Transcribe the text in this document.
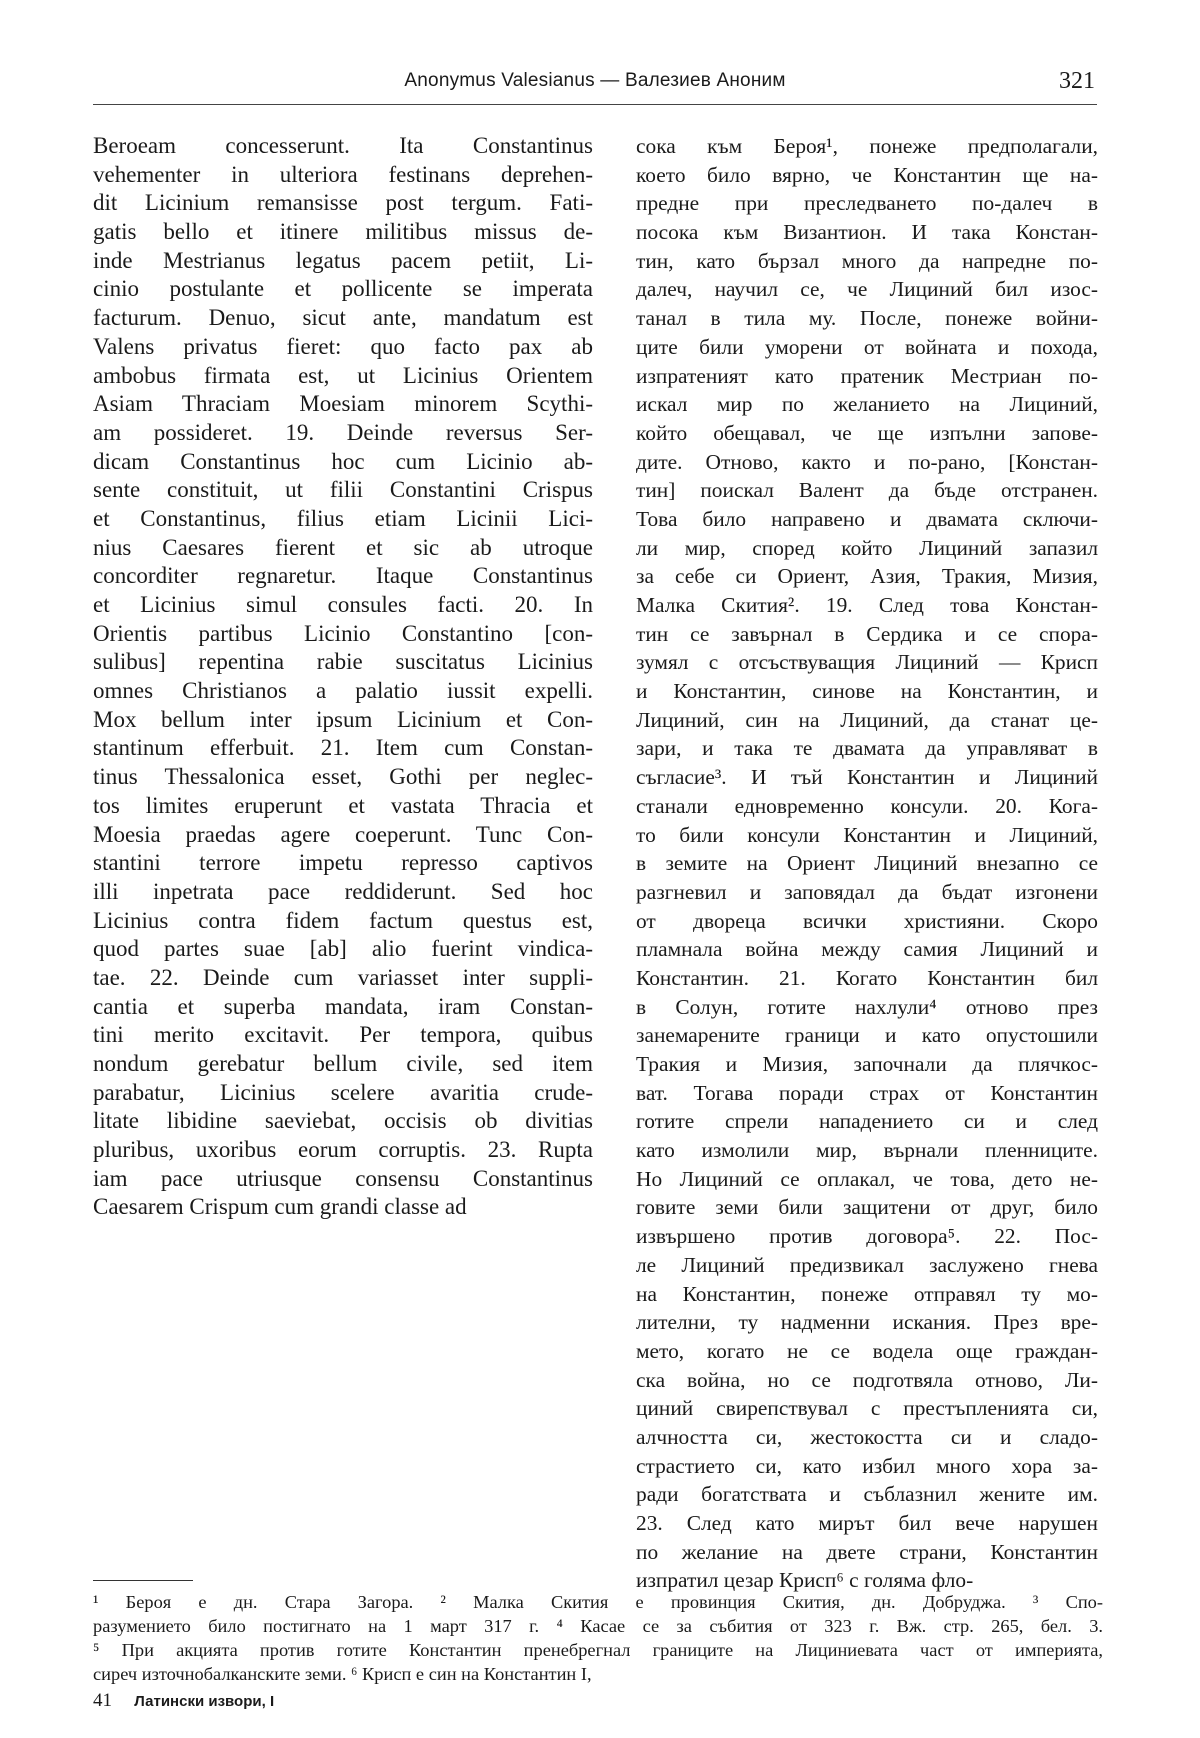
Anonymus Valesianus — Валезиев Аноним	321
Beroeam concesserunt. Ita Constantinus
vehementer in ulteriora festinans deprehen-
dit Licinium remansisse post tergum. Fati-
gatis bello et itinere militibus missus de-
inde Mestrianus legatus pacem petiit, Li-
cinio postulante et pollicente se imperata
facturum. Denuo, sicut ante, mandatum est
Valens privatus fieret: quo facto pax ab
ambobus firmata est, ut Licinius Orientem
Asiam Thraciam Moesiam minorem Scythi-
am possideret. 19. Deinde reversus Ser-
dicam Constantinus hoc cum Licinio ab-
sente constituit, ut filii Constantini Crispus
et Constantinus, filius etiam Licinii Lici-
nius Caesares fierent et sic ab utroque
concorditer regnaretur. Itaque Constantinus
et Licinius simul consules facti. 20. In
Orientis partibus Licinio Constantino [con-
sulibus] repentina rabie suscitatus Licinius
omnes Christianos a palatio iussit expelli.
Mox bellum inter ipsum Licinium et Con-
stantinum efferbuit. 21. Item cum Constan-
tinus Thessalonica esset, Gothi per neglec-
tos limites eruperunt et vastata Thracia et
Moesia praedas agere coeperunt. Tunc Con-
stantini terrore impetu represso captivos
illi inpetrata pace reddiderunt. Sed hoc
Licinius contra fidem factum questus est,
quod partes suae [ab] alio fuerint vindica-
tae. 22. Deinde cum variasset inter suppli-
cantia et superba mandata, iram Constan-
tini merito excitavit. Per tempora, quibus
nondum gerebatur bellum civile, sed item
parabatur, Licinius scelere avaritia crude-
litate libidine saeviebat, occisis ob divitias
pluribus, uxoribus eorum corruptis. 23. Rupta
iam pace utriusque consensu Constantinus
Caesarem Crispum cum grandi classe ad
сока към Бероя¹, понеже предполагали,
което било вярно, че Константин ще на-
предне при преследването по-далеч в
посока към Византион. И така Констан-
тин, като бързал много да напредне по-
далеч, научил се, че Лициний бил изос-
танал в тила му. После, понеже войни-
ците били уморени от войната и похода,
изпратеният като пратеник Местриан по-
искал мир по желанието на Лициний,
който обещавал, че ще изпълни запове-
дите. Отново, както и по-рано, [Констан-
тин] поискал Валент да бъде отстранен.
Това било направено и двамата сключи-
ли мир, според който Лициний запазил
за себе си Ориент, Азия, Тракия, Мизия,
Малка Скития². 19. След това Констан-
тин се завърнал в Сердика и се спора-
зумял с отсъствуващия Лициний — Крисп
и Константин, синове на Константин, и
Лициний, син на Лициний, да станат це-
зари, и така те двамата да управляват в
съгласие³. И тъй Константин и Лициний
станали едновременно консули. 20. Кога-
то били консули Константин и Лициний,
в земите на Ориент Лициний внезапно се
разгневил и заповядал да бъдат изгонени
от двореца всички християни. Скоро
пламнала война между самия Лициний и
Константин. 21. Когато Константин бил
в Солун, готите нахлули⁴ отново през
занемарените граници и като опустошили
Тракия и Мизия, започнали да плячкос-
ват. Тогава поради страх от Константин
готите спрели нападението си и след
като измолили мир, върнали пленниците.
Но Лициний се оплакал, че това, дето не-
говите земи били защитени от друг, било
извършено против договора⁵. 22. Пос-
ле Лициний предизвикал заслужено гнева
на Константин, понеже отправял ту мо-
лителни, ту надменни искания. През вре-
мето, когато не се водела още граждан-
ска война, но се подготвяла отново, Ли-
циний свирепствувал с престъпленията си,
алчността си, жестокостта си и сладо-
страстието си, като избил много хора за-
ради богатствата и съблазнил жените им.
23. След като мирът бил вече нарушен
по желание на двете страни, Константин
изпратил цезар Крисп⁶ с голяма фло-
¹ Берoя е дн. Стара Загора. ² Малка Скития е провинция Скития, дн. Добруджа. ³ Спо-
разумението било постигнато на 1 март 317 г. ⁴ Касае се за събития от 323 г. Вж. стр. 265, бел. 3.
⁵ При акцията против готите Константин пренебрегнал границите на Лициниевата част от империята,
сиреч източнобалканските земи. ⁶ Крисп е син на Константин I,
41 Латински извори, I
